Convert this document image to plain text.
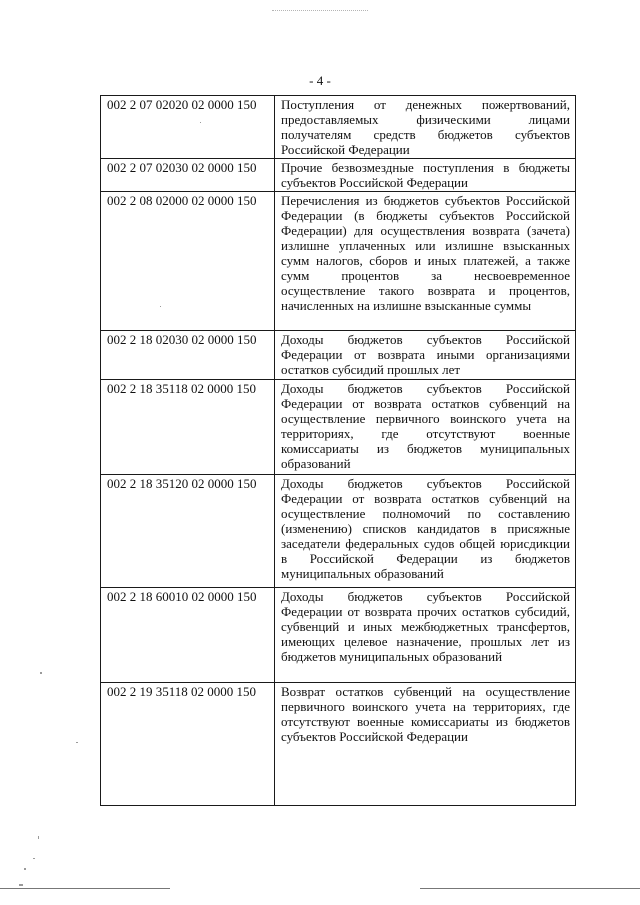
- 4 -
002 2 07 02020 02 0000 150	Поступления от денежных пожертвований, предоставляемых физическими лицами получателям средств бюджетов субъектов Российской Федерации
002 2 07 02030 02 0000 150	Прочие безвозмездные поступления в бюджеты субъектов Российской Федерации
002 2 08 02000 02 0000 150	Перечисления из бюджетов субъектов Российской Федерации (в бюджеты субъектов Российской Федерации) для осуществления возврата (зачета) излишне уплаченных или излишне взысканных сумм налогов, сборов и иных платежей, а также сумм процентов за несвоевременное осуществление такого возврата и процентов, начисленных на излишне взысканные суммы
002 2 18 02030 02 0000 150	Доходы бюджетов субъектов Российской Федерации от возврата иными организациями остатков субсидий прошлых лет
002 2 18 35118 02 0000 150	Доходы бюджетов субъектов Российской Федерации от возврата остатков субвенций на осуществление первичного воинского учета на территориях, где отсутствуют военные комиссариаты из бюджетов муниципальных образований
002 2 18 35120 02 0000 150	Доходы бюджетов субъектов Российской Федерации от возврата остатков субвенций на осуществление полномочий по составлению (изменению) списков кандидатов в присяжные заседатели федеральных судов общей юрисдикции в Российской Федерации из бюджетов муниципальных образований
002 2 18 60010 02 0000 150	Доходы бюджетов субъектов Российской Федерации от возврата прочих остатков субсидий, субвенций и иных межбюджетных трансфертов, имеющих целевое назначение, прошлых лет из бюджетов муниципальных образований
002 2 19 35118 02 0000 150	Возврат остатков субвенций на осуществление первичного воинского учета на территориях, где отсутствуют военные комиссариаты из бюджетов субъектов Российской Федерации
